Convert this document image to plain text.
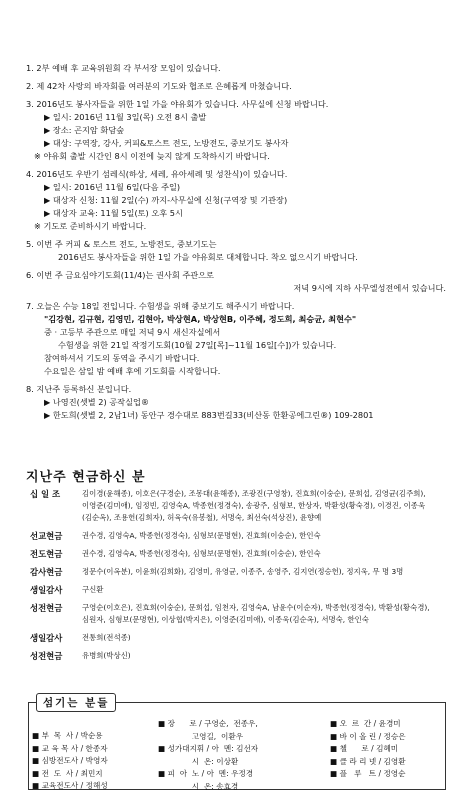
1. 2부 예배 후 교육위원회 각 부서장 모임이 있습니다.
2. 제 42차 사랑의 바자회를 여러분의 기도와 협조로 은혜롭게 마쳤습니다.
3. 2016년도 봉사자들을 위한 1일 가을 야유회가 있습니다. 사무실에 신청 바랍니다.
▶ 일시: 2016년 11월 3일(목) 오전 8시 출발
▶ 장소: 곤지암 화담숲
▶ 대상: 구역장, 강사, 커피&토스트 전도, 노방전도, 중보기도 봉사자
※ 야유회 출발 시간인 8시 이전에 늦지 않게 도착하시기 바랍니다.
4. 2016년도 우반기 섬레식(하상, 세레, 유아세례 및 성찬식)이 있습니다.
▶ 일시: 2016년 11월 6일(다음 주일)
▶ 대상자 신청: 11월 2일(수) 까지-사무실에 신청(구역장 및 기관장)
▶ 대상자 교육: 11월 5일(토) 오후 5시
※ 기도로 준비하시기 바랍니다.
5. 이번 주 커피 & 토스트 전도, 노방전도, 중보기도는
2016년도 봉사자들을 위한 1일 가을 야유회로 대체합니다. 착오 없으시기 바랍니다.
6. 이번 주 금요심야기도회(11/4)는 권사회 주관으로
저녁 9시에 지하 사무엘성전에서 있습니다.
7. 오늘은 수능 18일 전입니다. 수험생을 위해 중보기도 해주시기 바랍니다.
"김강현, 김규현, 김영민, 김현아, 박상현A, 박상현B, 이주혜, 정도희, 최승균, 최현수"
중 · 고등부 주관으로 매일 저녁 9시 새신자실에서
수험생을 위한 21일 작정기도회(10월 27일[목]~11월 16일[수])가 있습니다.
참여하셔서 기도의 동역을 주시기 바랍니다.
수요일은 삼일 밤 예배 후에 기도회를 시작합니다.
8. 지난주 등록하신 분입니다.
▶ 나영진(셋별 2) 공작실업®
▶ 한도희(셋별 2, 2남1녀) 동안구 경수대로 883번길33(비산동 한환공에그린®) 109-2801
지난주 현금하신 분
십 일 조	김이경(윤해종), 이호은(구경순), 조몽대(윤해종), 조광진(구영창), 진효희(이숭순), 문희섭, 김영균(김주희),
이영준(김미애), 임정빈, 김영숙A, 박종헌(정경숙), 송광주, 심형보, 한상자, 박환성(황숙경), 이경진, 이종욱
(김순옥), 조용헌(김희자), 허육숙(유봉철), 서명숙, 최선숙(석상진), 윤향예
선교현금	권수경, 김영숙A, 박종헌(정경숙), 심형보(문명현), 진효희(이숭순), 한인숙
전도현금	권수경, 김영숙A, 박종헌(정경숙), 심형보(문명현), 진효희(이숭순), 한인숙
감사현금	정문수(이옥분), 이윤희(김희화), 김영미, 유영균, 이종주, 송영주, 김지연(정승헌), 정지욱, 무 명 3명
생일감사	구신환
성전현금	구영순(이호은), 진효희(이숭순), 문희섭, 임천자, 김영숙A, 남윤수(이순자), 박종헌(정경숙), 박환성(황숙경),
심원자, 심형보(문명현), 이상협(박지은), 이영준(김미애), 이종욱(김순옥), 서명숙, 한인숙
생일감사	전통희(전석종)
성전현금	유병희(박상신)
섬기는 분들
■ 부  목  사 / 박순용
■ 교 육 목 사 / 한종자
■ 심방전도사 / 박영자
■ 전  도  사 / 최민지
■ 교육전도사 / 정해성
■ 장      로 / 구영순,  전종우,
고영길,  이환우
■ 성가대지휘 / 아  멘: 김선자
시  온: 이상환
■ 피  아  노 / 아  멘: 우정경
시  온: 송효경
■ 오  르  간 / 윤경미
■ 바 이 올 린 / 정승은
■ 첼      로 / 김혜미
■ 클 라 리 넷 / 김영환
■ 플   루   트 / 정영순
